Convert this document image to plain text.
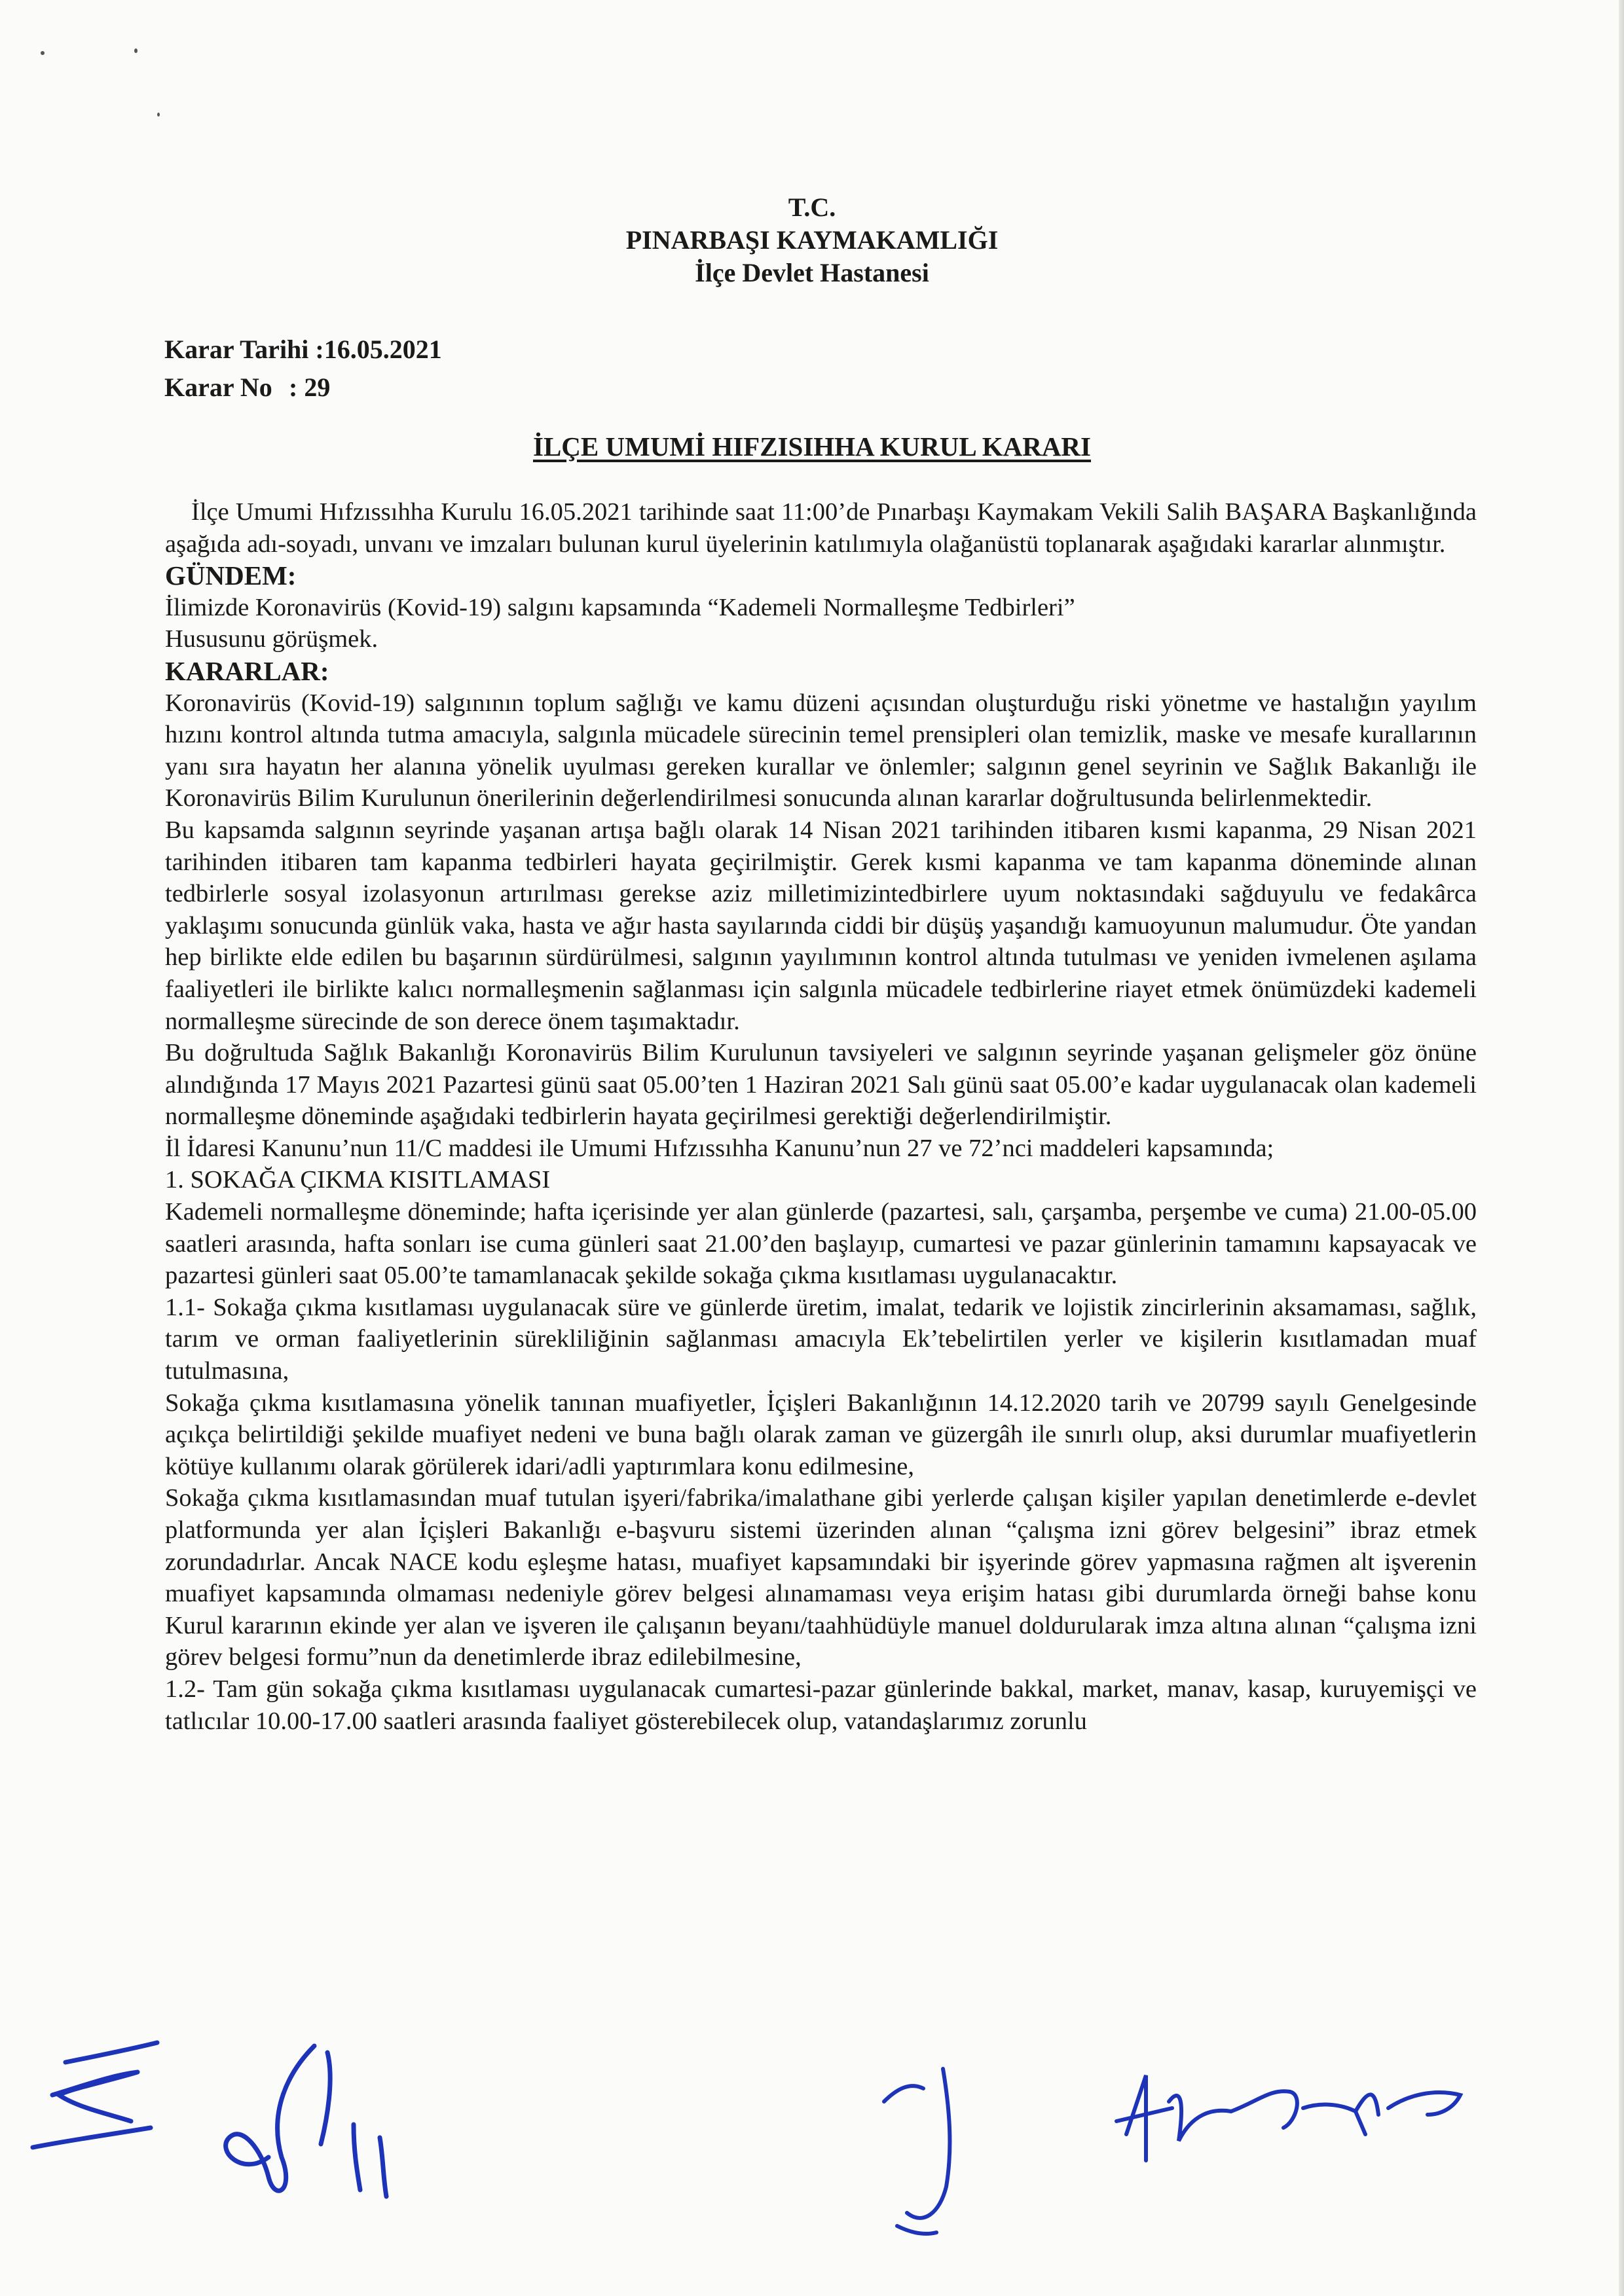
T.C.
PINARBAŞI KAYMAKAMLIĞI
İlçe Devlet Hastanesi
Karar Tarihi :16.05.2021
Karar No : 29
İLÇE UMUMİ HIFZISIHHA KURUL KARARI

İlçe Umumi Hıfzıssıhha Kurulu 16.05.2021 tarihinde saat 11:00’de Pınarbaşı Kaymakam Vekili Salih BAŞARA Başkanlığında aşağıda adı-soyadı, unvanı ve imzaları bulunan kurul üyelerinin katılımıyla olağanüstü toplanarak aşağıdaki kararlar alınmıştır.

GÜNDEM:

İlimizde Koronavirüs (Kovid-19) salgını kapsamında “Kademeli Normalleşme Tedbirleri”

Hususunu görüşmek.

KARARLAR:

Koronavirüs (Kovid-19) salgınının toplum sağlığı ve kamu düzeni açısından oluşturduğu riski yönetme ve hastalığın yayılım hızını kontrol altında tutma amacıyla, salgınla mücadele sürecinin temel prensipleri olan temizlik, maske ve mesafe kurallarının yanı sıra hayatın her alanına yönelik uyulması gereken kurallar ve önlemler; salgının genel seyrinin ve Sağlık Bakanlığı ile Koronavirüs Bilim Kurulunun önerilerinin değerlendirilmesi sonucunda alınan kararlar doğrultusunda belirlenmektedir.

Bu kapsamda salgının seyrinde yaşanan artışa bağlı olarak 14 Nisan 2021 tarihinden itibaren kısmi kapanma, 29 Nisan 2021 tarihinden itibaren tam kapanma tedbirleri hayata geçirilmiştir. Gerek kısmi kapanma ve tam kapanma döneminde alınan tedbirlerle sosyal izolasyonun artırılması gerekse aziz milletimizintedbirlere uyum noktasındaki sağduyulu ve fedakârca yaklaşımı sonucunda günlük vaka, hasta ve ağır hasta sayılarında ciddi bir düşüş yaşandığı kamuoyunun malumudur. Öte yandan hep birlikte elde edilen bu başarının sürdürülmesi, salgının yayılımının kontrol altında tutulması ve yeniden ivmelenen aşılama faaliyetleri ile birlikte kalıcı normalleşmenin sağlanması için salgınla mücadele tedbirlerine riayet etmek önümüzdeki kademeli normalleşme sürecinde de son derece önem taşımaktadır.

Bu doğrultuda Sağlık Bakanlığı Koronavirüs Bilim Kurulunun tavsiyeleri ve salgının seyrinde yaşanan gelişmeler göz önüne alındığında 17 Mayıs 2021 Pazartesi günü saat 05.00’ten 1 Haziran 2021 Salı günü saat 05.00’e kadar uygulanacak olan kademeli normalleşme döneminde aşağıdaki tedbirlerin hayata geçirilmesi gerektiği değerlendirilmiştir.

İl İdaresi Kanunu’nun 11/C maddesi ile Umumi Hıfzıssıhha Kanunu’nun 27 ve 72’nci maddeleri kapsamında;

1. SOKAĞA ÇIKMA KISITLAMASI

Kademeli normalleşme döneminde; hafta içerisinde yer alan günlerde (pazartesi, salı, çarşamba, perşembe ve cuma) 21.00-05.00 saatleri arasında, hafta sonları ise cuma günleri saat 21.00’den başlayıp, cumartesi ve pazar günlerinin tamamını kapsayacak ve pazartesi günleri saat 05.00’te tamamlanacak şekilde sokağa çıkma kısıtlaması uygulanacaktır.

1.1- Sokağa çıkma kısıtlaması uygulanacak süre ve günlerde üretim, imalat, tedarik ve lojistik zincirlerinin aksamaması, sağlık, tarım ve orman faaliyetlerinin sürekliliğinin sağlanması amacıyla Ek’tebelirtilen yerler ve kişilerin kısıtlamadan muaf tutulmasına,

Sokağa çıkma kısıtlamasına yönelik tanınan muafiyetler, İçişleri Bakanlığının 14.12.2020 tarih ve 20799 sayılı Genelgesinde açıkça belirtildiği şekilde muafiyet nedeni ve buna bağlı olarak zaman ve güzergâh ile sınırlı olup, aksi durumlar muafiyetlerin kötüye kullanımı olarak görülerek idari/adli yaptırımlara konu edilmesine,

Sokağa çıkma kısıtlamasından muaf tutulan işyeri/fabrika/imalathane gibi yerlerde çalışan kişiler yapılan denetimlerde e-devlet platformunda yer alan İçişleri Bakanlığı e-başvuru sistemi üzerinden alınan “çalışma izni görev belgesini” ibraz etmek zorundadırlar. Ancak NACE kodu eşleşme hatası, muafiyet kapsamındaki bir işyerinde görev yapmasına rağmen alt işverenin muafiyet kapsamında olmaması nedeniyle görev belgesi alınamaması veya erişim hatası gibi durumlarda örneği bahse konu Kurul kararının ekinde yer alan ve işveren ile çalışanın beyanı/taahhüdüyle manuel doldurularak imza altına alınan “çalışma izni görev belgesi formu”nun da denetimlerde ibraz edilebilmesine,

1.2- Tam gün sokağa çıkma kısıtlaması uygulanacak cumartesi-pazar günlerinde bakkal, market, manav, kasap, kuruyemişçi ve tatlıcılar 10.00-17.00 saatleri arasında faaliyet gösterebilecek olup, vatandaşlarımız zorunlu
